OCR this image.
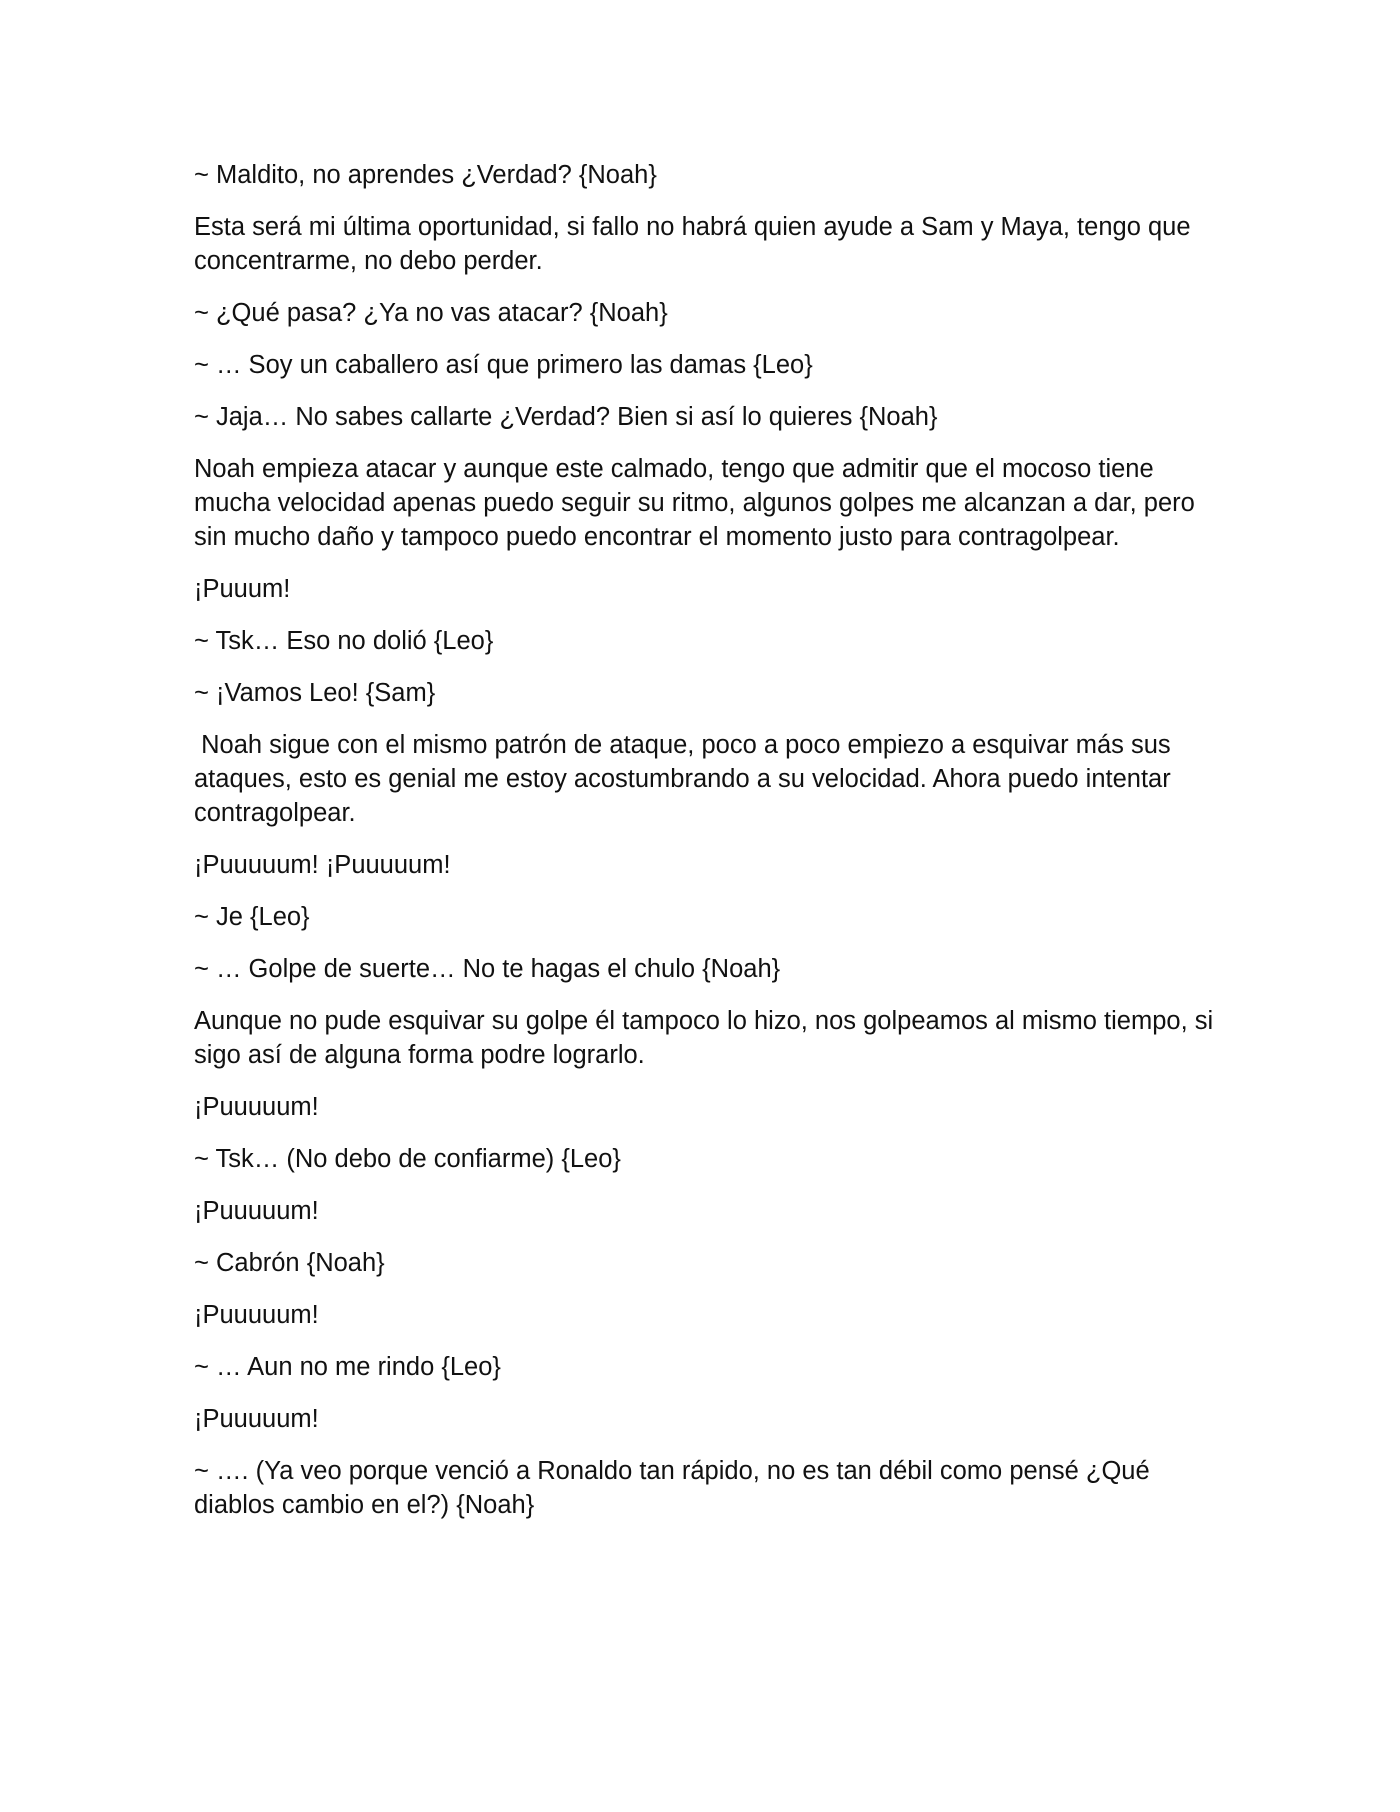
~ Maldito, no aprendes ¿Verdad? {Noah}

Esta será mi última oportunidad, si fallo no habrá quien ayude a Sam y Maya, tengo que concentrarme, no debo perder.

~ ¿Qué pasa? ¿Ya no vas atacar? {Noah}

~ … Soy un caballero así que primero las damas {Leo}

~ Jaja… No sabes callarte ¿Verdad? Bien si así lo quieres {Noah}

Noah empieza atacar y aunque este calmado, tengo que admitir que el mocoso tiene mucha velocidad apenas puedo seguir su ritmo, algunos golpes me alcanzan a dar, pero sin mucho daño y tampoco puedo encontrar el momento justo para contragolpear.

¡Puuum!

~ Tsk… Eso no dolió {Leo}

~ ¡Vamos Leo! {Sam}

Noah sigue con el mismo patrón de ataque, poco a poco empiezo a esquivar más sus ataques, esto es genial me estoy acostumbrando a su velocidad. Ahora puedo intentar contragolpear.

¡Puuuuum! ¡Puuuuum!

~ Je {Leo}

~ … Golpe de suerte… No te hagas el chulo {Noah}

Aunque no pude esquivar su golpe él tampoco lo hizo, nos golpeamos al mismo tiempo, si sigo así de alguna forma podre lograrlo.

¡Puuuuum!

~ Tsk… (No debo de confiarme) {Leo}

¡Puuuuum!

~ Cabrón {Noah}

¡Puuuuum!

~ … Aun no me rindo {Leo}

¡Puuuuum!

~ …. (Ya veo porque venció a Ronaldo tan rápido, no es tan débil como pensé ¿Qué diablos cambio en el?) {Noah}
